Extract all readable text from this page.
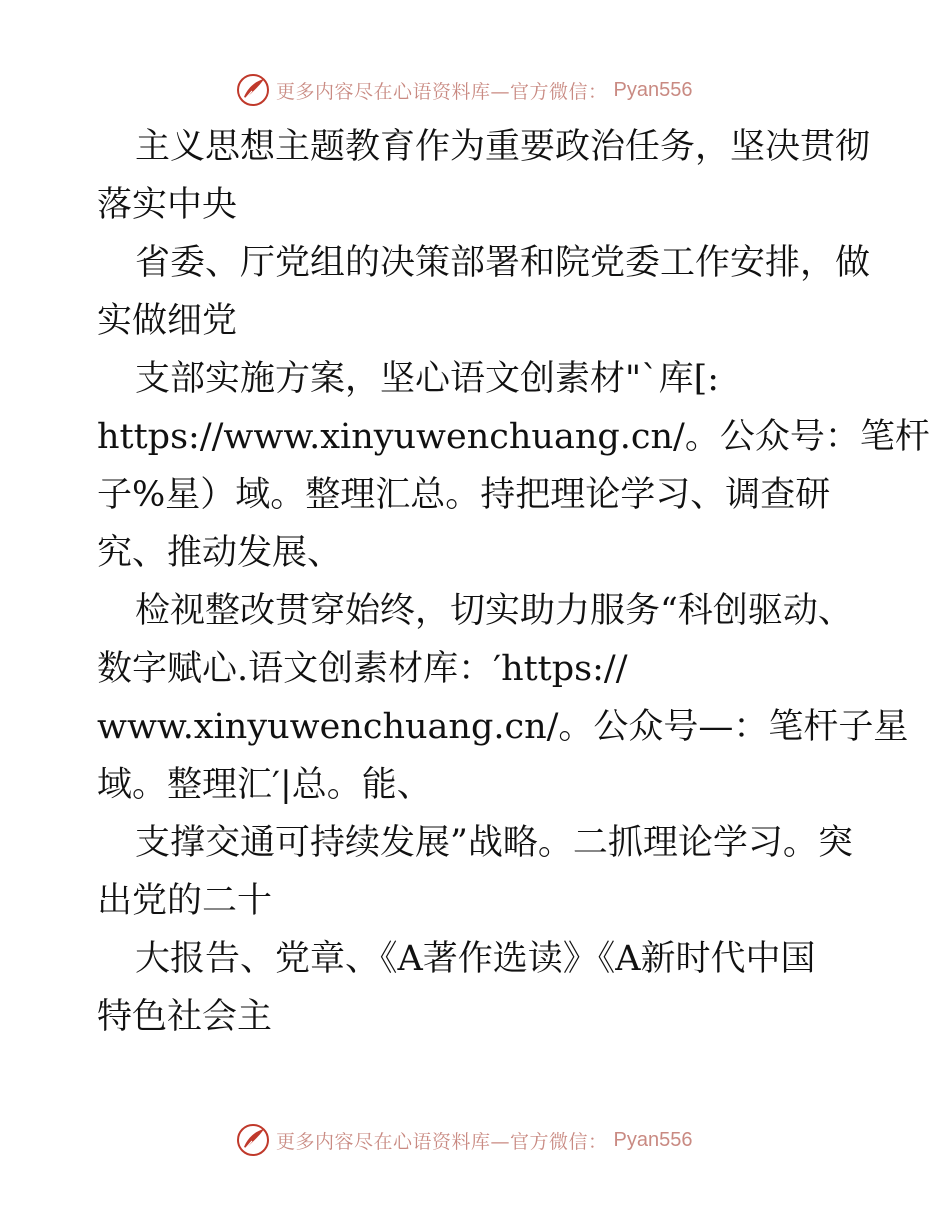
更多内容尽在心语资料库—官方微信： Pyan556
主义思想主题教育作为重要政治任务，坚决贯彻
落实中央
省委、厅党组的决策部署和院党委工作安排，做
实做细党
支部实施方案，坚心语文创素材"`库[:
https://www.xinyuwenchuang.cn/。公众号：笔杆
子%星）域。整理汇总。持把理论学习、调查研
究、推动发展、
检视整改贯穿始终，切实助力服务“科创驱动、
数字赋心.语文创素材库：′https://
www.xinyuwenchuang.cn/。公众号—：笔杆子星
域。整理汇′|总。能、
支撑交通可持续发展”战略。二抓理论学习。突
出党的二十
大报告、党章、《A著作选读》《A新时代中国
特色社会主
更多内容尽在心语资料库—官方微信： Pyan556
